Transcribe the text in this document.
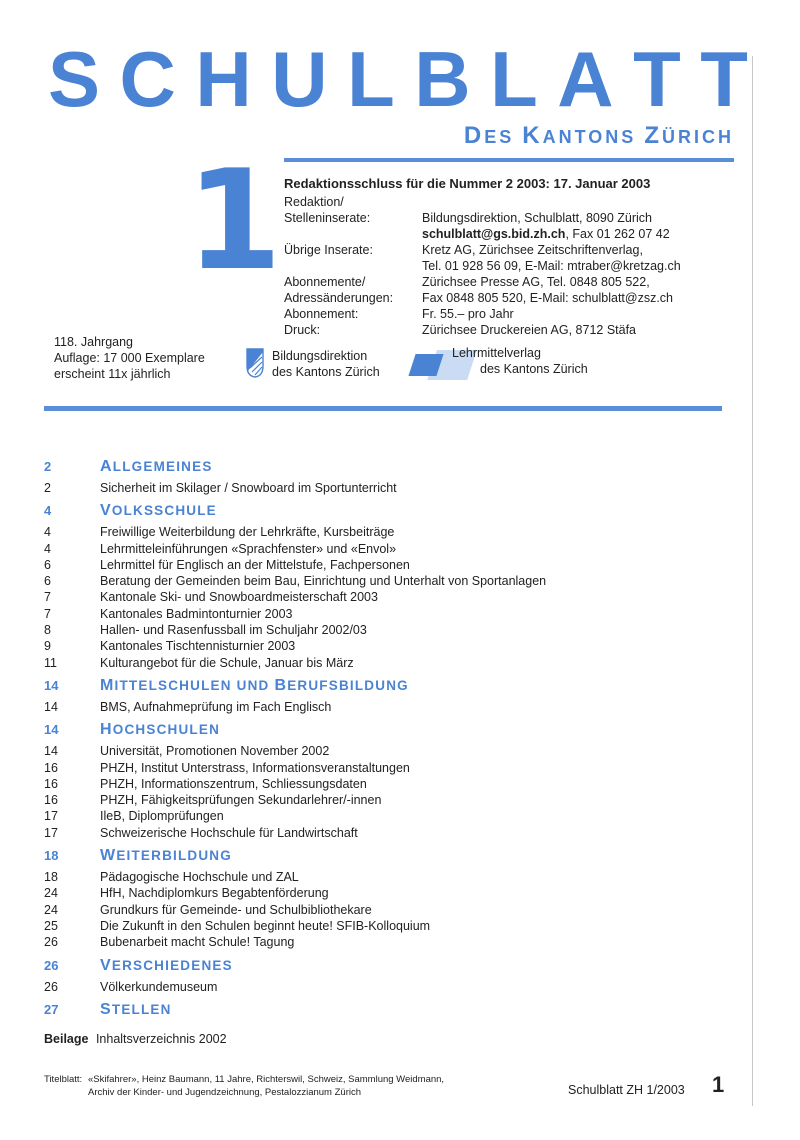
S C H U L B L A T T
DES KANTONS ZÜRICH
1 Redaktionsschluss für die Nummer 2 2003: 17. Januar 2003
Redaktion/
Stelleninserate:	Bildungsdirektion, Schulblatt, 8090 Zürich
schulblatt@gs.bid.zh.ch, Fax 01 262 07 42
Übrige Inserate:	Kretz AG, Zürichsee Zeitschriftenverlag,
Tel. 01 928 56 09, E-Mail: mtraber@kretzag.ch
Abonnemente/	Zürichsee Presse AG, Tel. 0848 805 522,
Adressänderungen:	Fax 0848 805 520, E-Mail: schulblatt@zsz.ch
Abonnement:	Fr. 55.– pro Jahr
Druck:	Zürichsee Druckereien AG, 8712 Stäfa
118. Jahrgang
Auflage: 17 000 Exemplare
erscheint 11x jährlich
Bildungsdirektion
des Kantons Zürich
Lehrmittelverlag
des Kantons Zürich
2	ALLGEMEINES
2	Sicherheit im Skilager / Snowboard im Sportunterricht
4	VOLKSSCHULE
4	Freiwillige Weiterbildung der Lehrkräfte, Kursbeiträge
4	Lehrmitteleinführungen «Sprachfenster» und «Envol»
6	Lehrmittel für Englisch an der Mittelstufe, Fachpersonen
6	Beratung der Gemeinden beim Bau, Einrichtung und Unterhalt von Sportanlagen
7	Kantonale Ski- und Snowboardmeisterschaft 2003
7	Kantonales Badmintonturnier 2003
8	Hallen- und Rasenfussball im Schuljahr 2002/03
9	Kantonales Tischtennisturnier 2003
11	Kulturangebot für die Schule, Januar bis März
14	MITTELSCHULEN UND BERUFSBILDUNG
14	BMS, Aufnahmeprüfung im Fach Englisch
14	HOCHSCHULEN
14	Universität, Promotionen November 2002
16	PHZH, Institut Unterstrass, Informationsveranstaltungen
16	PHZH, Informationszentrum, Schliessungsdaten
16	PHZH, Fähigkeitsprüfungen Sekundarlehrer/-innen
17	IleB, Diplomprüfungen
17	Schweizerische Hochschule für Landwirtschaft
18	WEITERBILDUNG
18	Pädagogische Hochschule und ZAL
24	HfH, Nachdiplomkurs Begabtenförderung
24	Grundkurs für Gemeinde- und Schulbibliothekare
25	Die Zukunft in den Schulen beginnt heute! SFIB-Kolloquium
26	Bubenarbeit macht Schule! Tagung
26	VERSCHIEDENES
26	Völkerkundemuseum
27	STELLEN
Beilage Inhaltsverzeichnis 2002
Titelblatt: «Skifahrer», Heinz Baumann, 11 Jahre, Richterswil, Schweiz, Sammlung Weidmann,
Archiv der Kinder- und Jugendzeichnung, Pestalozzianum Zürich	Schulblatt ZH 1/2003 1
